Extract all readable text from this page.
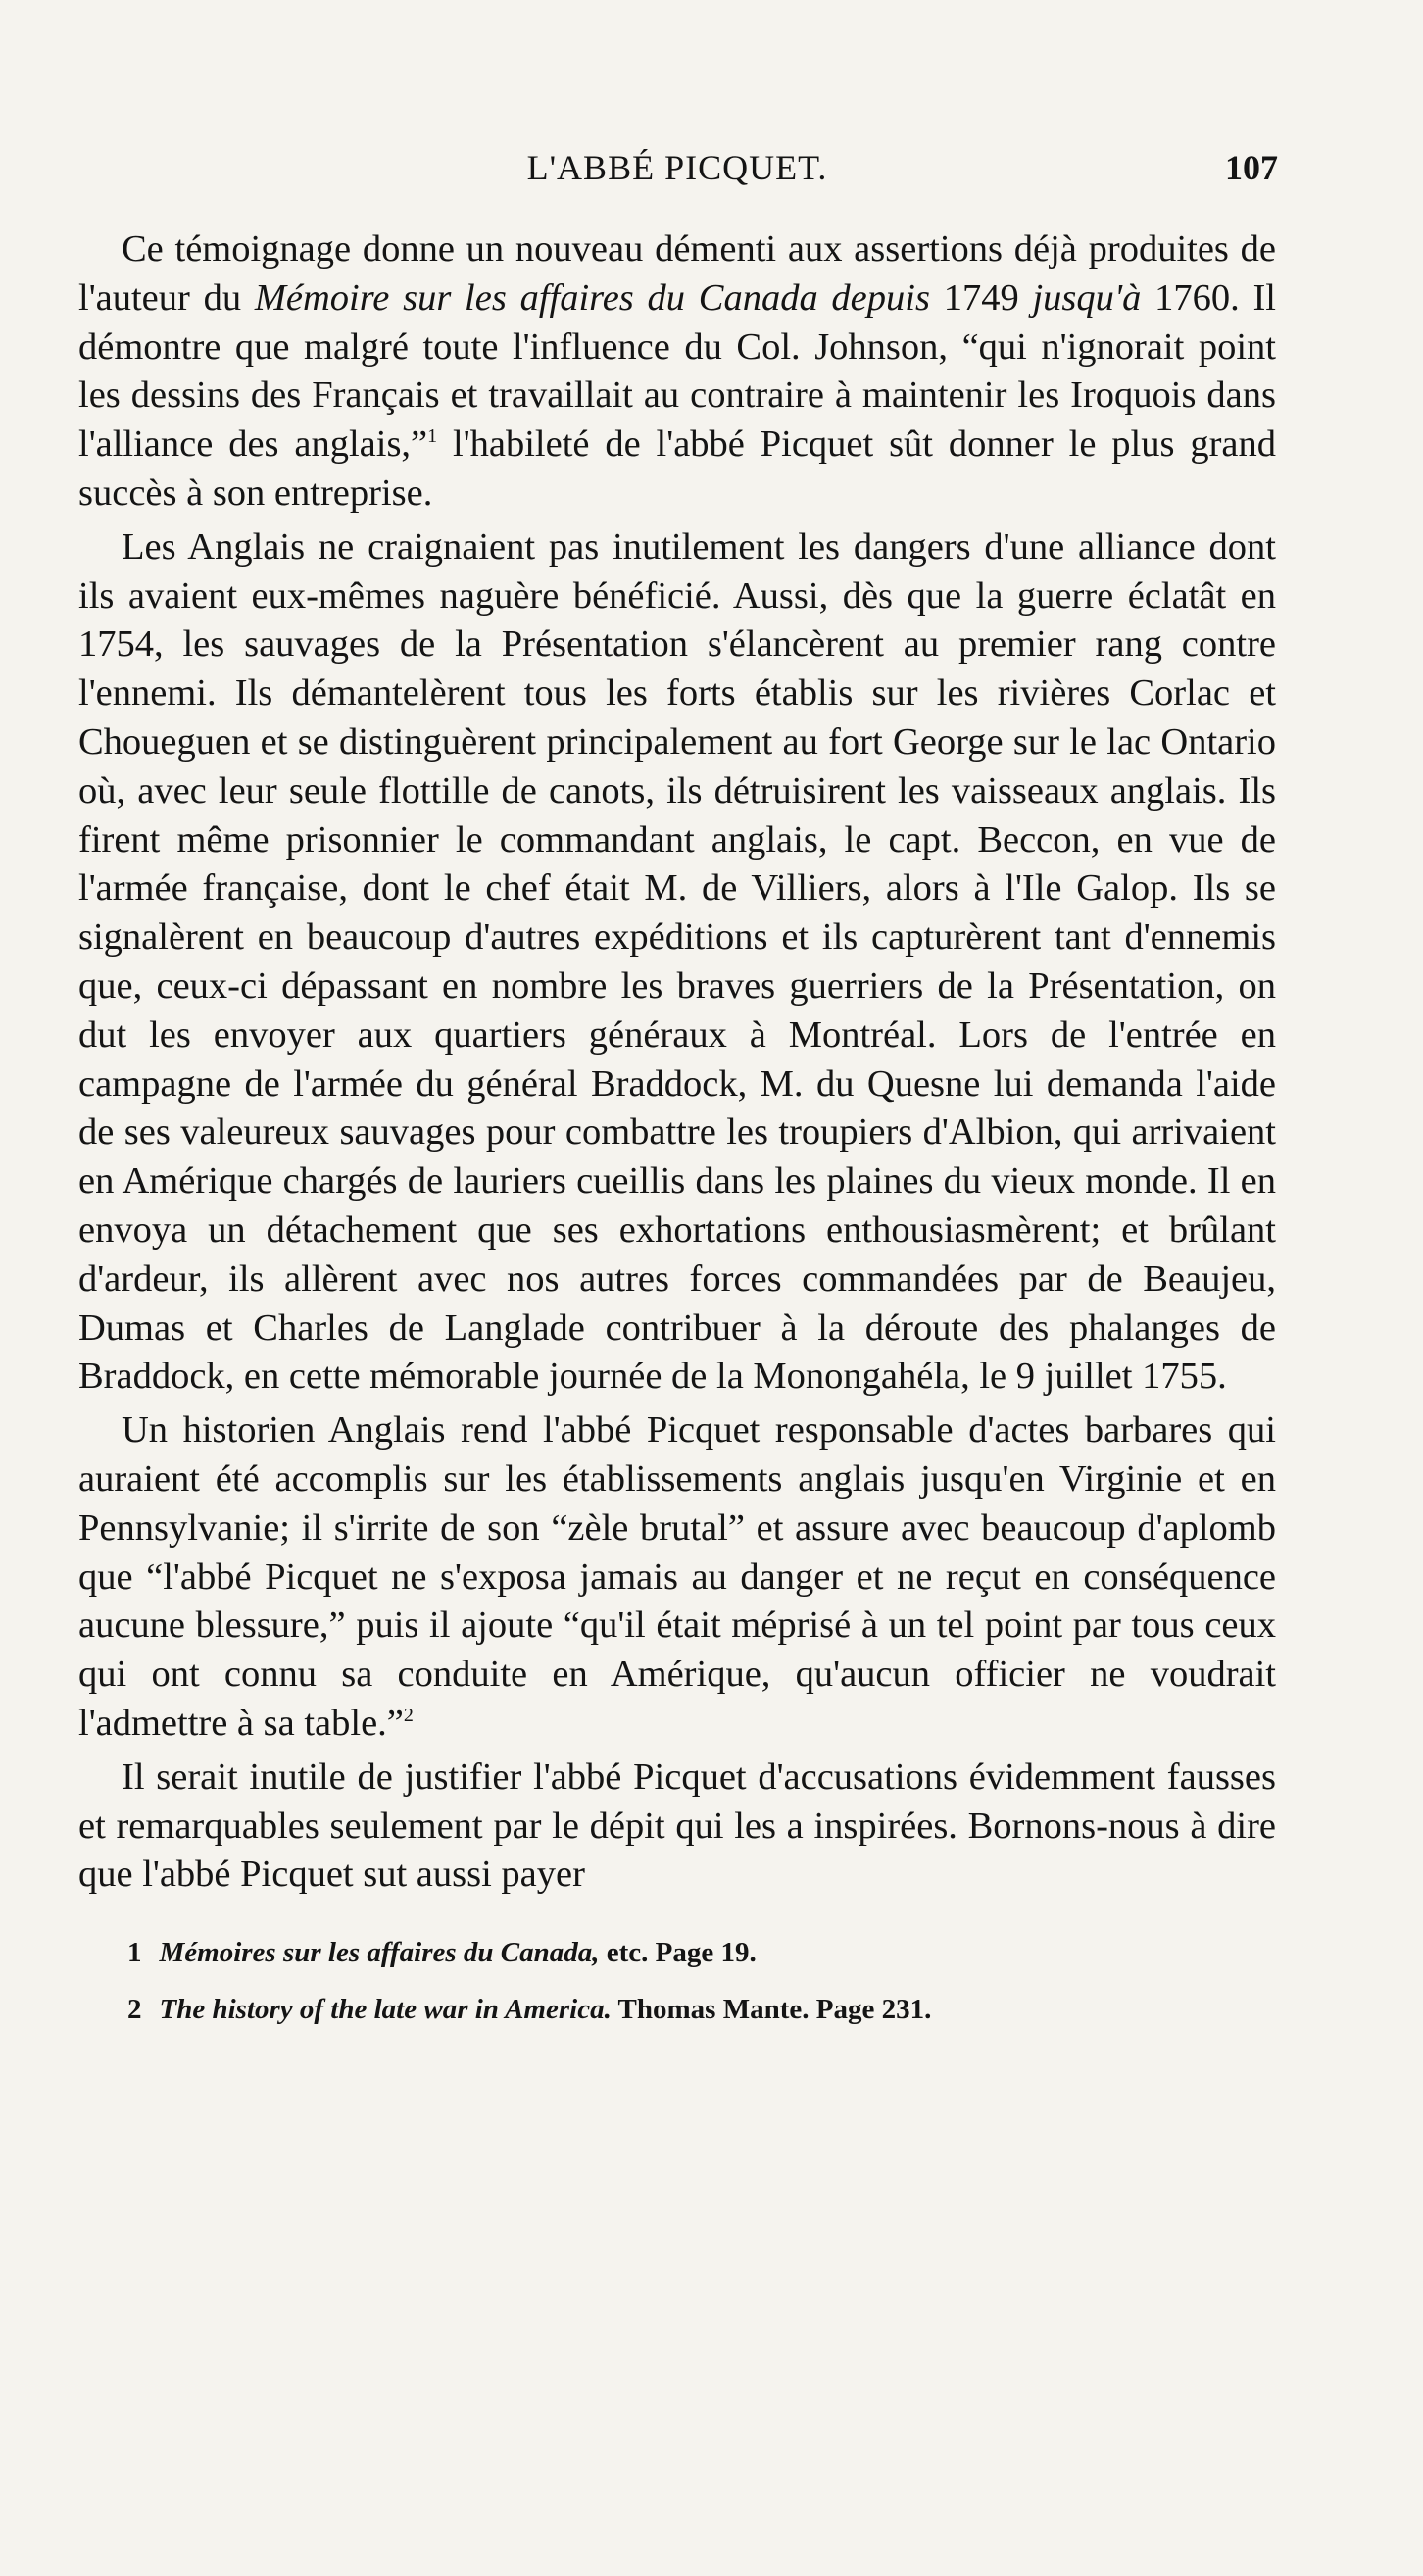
L'ABBÉ PICQUET.	107

Ce témoignage donne un nouveau démenti aux assertions déjà produites de l'auteur du Mémoire sur les affaires du Canada depuis 1749 jusqu'à 1760. Il démontre que malgré toute l'influence du Col. Johnson, “qui n'ignorait point les dessins des Français et travaillait au contraire à maintenir les Iroquois dans l'alliance des anglais,”$^1$ l'habileté de l'abbé Picquet sût donner le plus grand succès à son entreprise.

Les Anglais ne craignaient pas inutilement les dangers d'une alliance dont ils avaient eux-mêmes naguère bénéficié. Aussi, dès que la guerre éclatât en 1754, les sauvages de la Présentation s'élancèrent au premier rang contre l'ennemi. Ils démantelèrent tous les forts établis sur les rivières Corlac et Choueguen et se distinguèrent principalement au fort George sur le lac Ontario où, avec leur seule flottille de canots, ils détruisirent les vaisseaux anglais. Ils firent même prisonnier le commandant anglais, le capt. Beccon, en vue de l'armée française, dont le chef était M. de Villiers, alors à l'Ile Galop. Ils se signalèrent en beaucoup d'autres expéditions et ils capturèrent tant d'ennemis que, ceux-ci dépassant en nombre les braves guerriers de la Présentation, on dut les envoyer aux quartiers généraux à Montréal. Lors de l'entrée en campagne de l'armée du général Braddock, M. du Quesne lui demanda l'aide de ses valeureux sauvages pour combattre les troupiers d'Albion, qui arrivaient en Amérique chargés de lauriers cueillis dans les plaines du vieux monde. Il en envoya un détachement que ses exhortations enthousiasmèrent; et brûlant d'ardeur, ils allèrent avec nos autres forces commandées par de Beaujeu, Dumas et Charles de Langlade contribuer à la déroute des phalanges de Braddock, en cette mémorable journée de la Monongahéla, le 9 juillet 1755.

Un historien Anglais rend l'abbé Picquet responsable d'actes barbares qui auraient été accomplis sur les établissements anglais jusqu'en Virginie et en Pennsylvanie; il s'irrite de son “zèle brutal” et assure avec beaucoup d'aplomb que “l'abbé Picquet ne s'exposa jamais au danger et ne reçut en conséquence aucune blessure,” puis il ajoute “qu'il était méprisé à un tel point par tous ceux qui ont connu sa conduite en Amérique, qu'aucun officier ne voudrait l'admettre à sa table.”$^2$

Il serait inutile de justifier l'abbé Picquet d'accusations évidemment fausses et remarquables seulement par le dépit qui les a inspirées. Bornons-nous à dire que l'abbé Picquet sut aussi payer

1 Mémoires sur les affaires du Canada, etc. Page 19.

2 The history of the late war in America. Thomas Mante. Page 231.
